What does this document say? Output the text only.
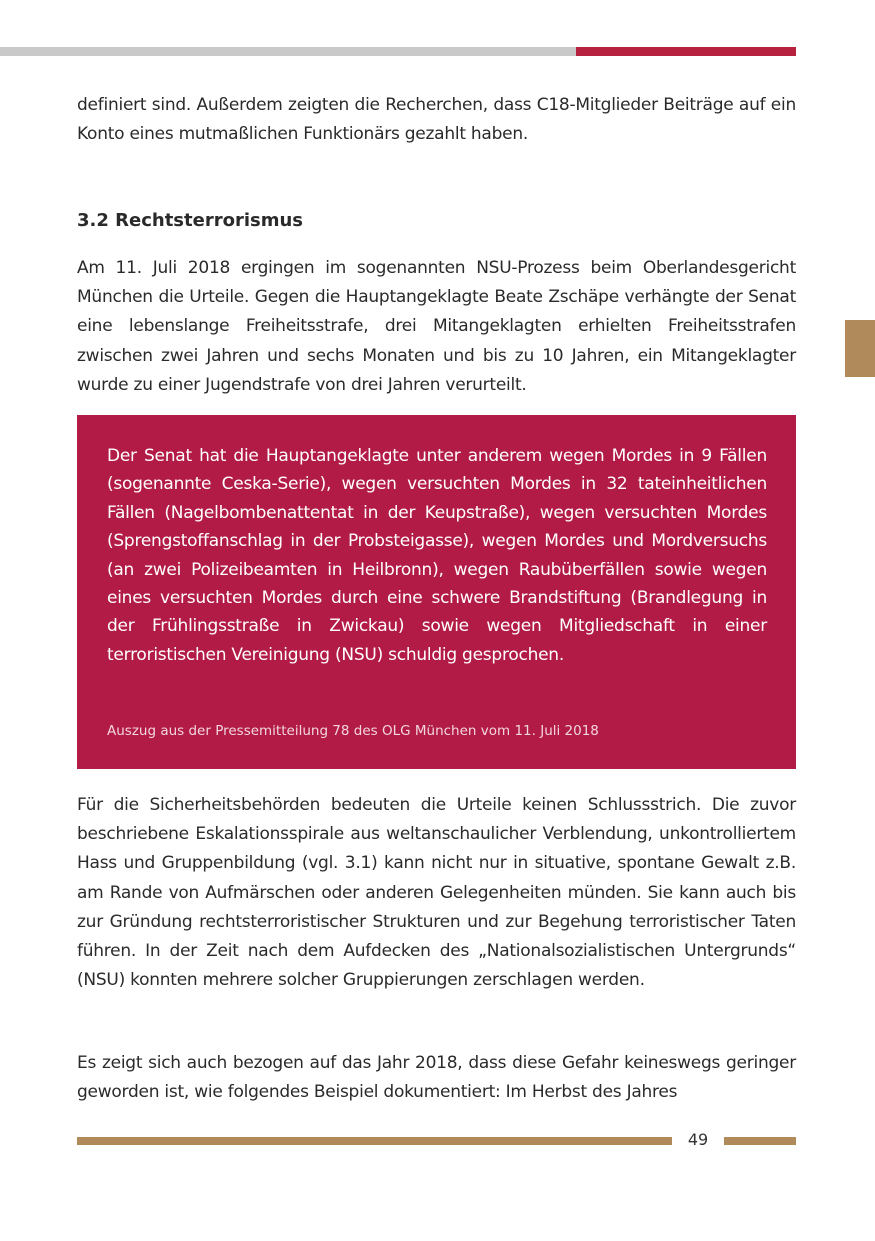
definiert sind. Außerdem zeigten die Recherchen, dass C18-Mitglieder Beiträge auf ein Konto eines mutmaßlichen Funktionärs gezahlt haben.

3.2 Rechtsterrorismus

Am 11. Juli 2018 ergingen im sogenannten NSU-Prozess beim Oberlandesgericht München die Urteile. Gegen die Hauptangeklagte Beate Zschäpe verhängte der Senat eine lebenslange Freiheitsstrafe, drei Mitangeklagten erhielten Freiheitsstrafen zwischen zwei Jahren und sechs Monaten und bis zu 10 Jahren, ein Mitangeklagter wurde zu einer Jugendstrafe von drei Jahren verurteilt.

Der Senat hat die Hauptangeklagte unter anderem wegen Mordes in 9 Fällen (sogenannte Ceska-Serie), wegen versuchten Mordes in 32 tateinheitlichen Fällen (Nagelbombenattentat in der Keupstraße), wegen versuchten Mordes (Sprengstoffanschlag in der Probsteigasse), wegen Mordes und Mordversuchs (an zwei Polizeibeamten in Heilbronn), wegen Raubüberfällen sowie wegen eines versuchten Mordes durch eine schwere Brandstiftung (Brandlegung in der Frühlingsstraße in Zwickau) sowie wegen Mitgliedschaft in einer terroristischen Vereinigung (NSU) schuldig gesprochen.

Auszug aus der Pressemitteilung 78 des OLG München vom 11. Juli 2018

Für die Sicherheitsbehörden bedeuten die Urteile keinen Schlussstrich. Die zuvor beschriebene Eskalationsspirale aus weltanschaulicher Verblendung, unkontrolliertem Hass und Gruppenbildung (vgl. 3.1) kann nicht nur in situative, spontane Gewalt z.B. am Rande von Aufmärschen oder anderen Gelegenheiten münden. Sie kann auch bis zur Gründung rechtsterroristischer Strukturen und zur Begehung terroristischer Taten führen. In der Zeit nach dem Aufdecken des „Nationalsozialistischen Untergrunds“ (NSU) konnten mehrere solcher Gruppierungen zerschlagen werden.

Es zeigt sich auch bezogen auf das Jahr 2018, dass diese Gefahr keineswegs geringer geworden ist, wie folgendes Beispiel dokumentiert: Im Herbst des Jahres

49
